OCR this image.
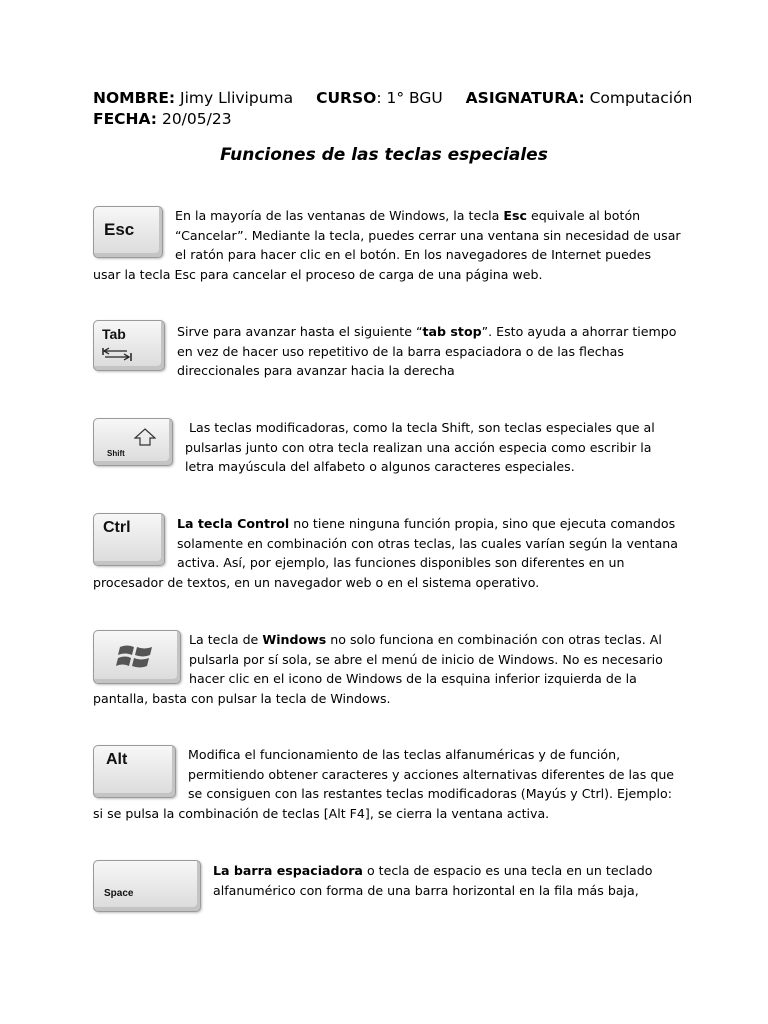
NOMBRE: Jimy Llivipuma CURSO: 1° BGU ASIGNATURA: Computación
FECHA: 20/05/23
Funciones de las teclas especiales
Esc
En la mayoría de las ventanas de Windows, la tecla Esc equivale al botón
“Cancelar”. Mediante la tecla, puedes cerrar una ventana sin necesidad de usar
el ratón para hacer clic en el botón. En los navegadores de Internet puedes
usar la tecla Esc para cancelar el proceso de carga de una página web.
Tab	Sirve para avanzar hasta el siguiente “tab stop”. Esto ayuda a ahorrar tiempo
en vez de hacer uso repetitivo de la barra espaciadora o de las flechas
direccionales para avanzar hacia la derecha
Shift
Las teclas modificadoras, como la tecla Shift, son teclas especiales que al
pulsarlas junto con otra tecla realizan una acción especia como escribir la
letra mayúscula del alfabeto o algunos caracteres especiales.
Ctrl	La tecla Control no tiene ninguna función propia, sino que ejecuta comandos
solamente en combinación con otras teclas, las cuales varían según la ventana
activa. Así, por ejemplo, las funciones disponibles son diferentes en un
procesador de textos, en un navegador web o en el sistema operativo.
La tecla de Windows no solo funciona en combinación con otras teclas. Al
pulsarla por sí sola, se abre el menú de inicio de Windows. No es necesario
hacer clic en el icono de Windows de la esquina inferior izquierda de la
pantalla, basta con pulsar la tecla de Windows.
Alt	Modifica el funcionamiento de las teclas alfanuméricas y de función,
permitiendo obtener caracteres y acciones alternativas diferentes de las que
se consiguen con las restantes teclas modificadoras (Mayús y Ctrl). Ejemplo:
si se pulsa la combinación de teclas [Alt F4], se cierra la ventana activa.
Space
La barra espaciadora o tecla de espacio es una tecla en un teclado
alfanumérico con forma de una barra horizontal en la fila más baja,
